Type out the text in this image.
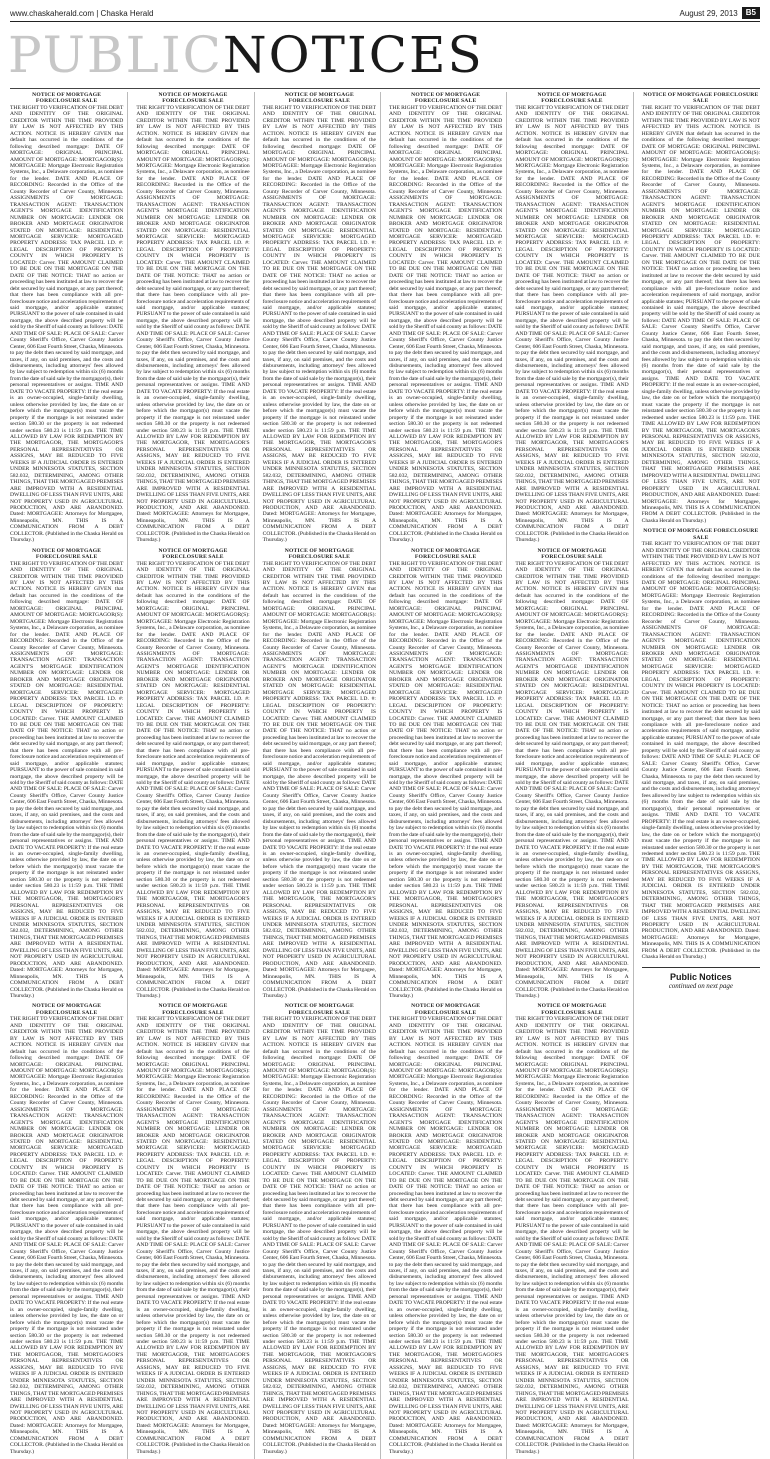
www.chaskaherald.com | Chaska Herald	August 29, 2013	B5
PUBLIC NOTICES
NOTICE OF MORTGAGE FORECLOSURE SALE
THE RIGHT TO VERIFICATION OF THE DEBT AND IDENTITY OF THE ORIGINAL CREDITOR WITHIN THE TIME PROVIDED BY LAW IS NOT AFFECTED BY THIS ACTION. NOTICE IS HEREBY GIVEN that default has occurred in the conditions of the following described mortgage: DATE OF MORTGAGE: ORIGINAL PRINCIPAL AMOUNT OF MORTGAGE: MORTGAGOR(S): MORTGAGEE: Mortgage Electronic Registration Systems, Inc., a Delaware corporation, as nominee for the lender. DATE AND PLACE OF RECORDING: Recorded in the Office of the County Recorder of Carver County, Minnesota. ASSIGNMENTS OF MORTGAGE: TRANSACTION AGENT: TRANSACTION AGENT'S MORTGAGE IDENTIFICATION NUMBER ON MORTGAGE: LENDER OR BROKER AND MORTGAGE ORIGINATOR STATED ON MORTGAGE: RESIDENTIAL MORTGAGE SERVICER: MORTGAGED PROPERTY ADDRESS: TAX PARCEL I.D. #: LEGAL DESCRIPTION OF PROPERTY: COUNTY IN WHICH PROPERTY IS LOCATED: Carver. THE AMOUNT CLAIMED TO BE DUE ON THE MORTGAGE ON THE DATE OF THE NOTICE: THAT no action or proceeding has been instituted at law to recover the debt secured by said mortgage, or any part thereof; that there has been compliance with all pre-foreclosure notice and acceleration requirements of said mortgage, and/or applicable statutes; PURSUANT to the power of sale contained in said mortgage, the above described property will be sold by the Sheriff of said county as follows: DATE AND TIME OF SALE: PLACE OF SALE: Carver County Sheriff's Office, Carver County Justice Center, 606 East Fourth Street, Chaska, Minnesota. to pay the debt then secured by said mortgage, and taxes, if any, on said premises, and the costs and disbursements, including attorneys' fees allowed by law subject to redemption within six (6) months from the date of said sale by the mortgagor(s), their personal representatives or assigns. TIME AND DATE TO VACATE PROPERTY: If the real estate is an owner-occupied, single-family dwelling, unless otherwise provided by law, the date on or before which the mortgagor(s) must vacate the property if the mortgage is not reinstated under section 580.30 or the property is not redeemed under section 580.23 is 11:59 p.m. THE TIME ALLOWED BY LAW FOR REDEMPTION BY THE MORTGAGOR, THE MORTGAGOR'S PERSONAL REPRESENTATIVES OR ASSIGNS, MAY BE REDUCED TO FIVE WEEKS IF A JUDICIAL ORDER IS ENTERED UNDER MINNESOTA STATUTES, SECTION 582.032, DETERMINING, AMONG OTHER THINGS, THAT THE MORTGAGED PREMISES ARE IMPROVED WITH A RESIDENTIAL DWELLING OF LESS THAN FIVE UNITS, ARE NOT PROPERTY USED IN AGRICULTURAL PRODUCTION, AND ARE ABANDONED. Dated: MORTGAGEE: Attorneys for Mortgagee, Minneapolis, MN. THIS IS A COMMUNICATION FROM A DEBT COLLECTOR. (Published in the Chaska Herald on Thursday.)
NOTICE OF MORTGAGE FORECLOSURE SALE
THE RIGHT TO VERIFICATION OF THE DEBT AND IDENTITY OF THE ORIGINAL CREDITOR WITHIN THE TIME PROVIDED BY LAW IS NOT AFFECTED BY THIS ACTION. NOTICE IS HEREBY GIVEN that default has occurred in the conditions of the following described mortgage: DATE OF MORTGAGE: ORIGINAL PRINCIPAL AMOUNT OF MORTGAGE: MORTGAGOR(S): MORTGAGEE: Mortgage Electronic Registration Systems, Inc., a Delaware corporation, as nominee for the lender. DATE AND PLACE OF RECORDING: Recorded in the Office of the County Recorder of Carver County, Minnesota. ASSIGNMENTS OF MORTGAGE: TRANSACTION AGENT: TRANSACTION AGENT'S MORTGAGE IDENTIFICATION NUMBER ON MORTGAGE: LENDER OR BROKER AND MORTGAGE ORIGINATOR STATED ON MORTGAGE: RESIDENTIAL MORTGAGE SERVICER: MORTGAGED PROPERTY ADDRESS: TAX PARCEL I.D. #: LEGAL DESCRIPTION OF PROPERTY: COUNTY IN WHICH PROPERTY IS LOCATED: Carver. THE AMOUNT CLAIMED TO BE DUE ON THE MORTGAGE ON THE DATE OF THE NOTICE: THAT no action or proceeding has been instituted at law to recover the debt secured by said mortgage, or any part thereof; that there has been compliance with all pre-foreclosure notice and acceleration requirements of said mortgage, and/or applicable statutes; PURSUANT to the power of sale contained in said mortgage, the above described property will be sold by the Sheriff of said county as follows: DATE AND TIME OF SALE: PLACE OF SALE: Carver County Sheriff's Office, Carver County Justice Center, 606 East Fourth Street, Chaska, Minnesota. to pay the debt then secured by said mortgage, and taxes, if any, on said premises, and the costs and disbursements, including attorneys' fees allowed by law subject to redemption within six (6) months from the date of said sale by the mortgagor(s), their personal representatives or assigns. TIME AND DATE TO VACATE PROPERTY: If the real estate is an owner-occupied, single-family dwelling, unless otherwise provided by law, the date on or before which the mortgagor(s) must vacate the property if the mortgage is not reinstated under section 580.30 or the property is not redeemed under section 580.23 is 11:59 p.m. THE TIME ALLOWED BY LAW FOR REDEMPTION BY THE MORTGAGOR, THE MORTGAGOR'S PERSONAL REPRESENTATIVES OR ASSIGNS, MAY BE REDUCED TO FIVE WEEKS IF A JUDICIAL ORDER IS ENTERED UNDER MINNESOTA STATUTES, SECTION 582.032, DETERMINING, AMONG OTHER THINGS, THAT THE MORTGAGED PREMISES ARE IMPROVED WITH A RESIDENTIAL DWELLING OF LESS THAN FIVE UNITS, ARE NOT PROPERTY USED IN AGRICULTURAL PRODUCTION, AND ARE ABANDONED. Dated: MORTGAGEE: Attorneys for Mortgagee, Minneapolis, MN. THIS IS A COMMUNICATION FROM A DEBT COLLECTOR. (Published in the Chaska Herald on Thursday.)
NOTICE OF MORTGAGE FORECLOSURE SALE
THE RIGHT TO VERIFICATION OF THE DEBT AND IDENTITY OF THE ORIGINAL CREDITOR WITHIN THE TIME PROVIDED BY LAW IS NOT AFFECTED BY THIS ACTION. NOTICE IS HEREBY GIVEN that default has occurred in the conditions of the following described mortgage: DATE OF MORTGAGE: ORIGINAL PRINCIPAL AMOUNT OF MORTGAGE: MORTGAGOR(S): MORTGAGEE: Mortgage Electronic Registration Systems, Inc., a Delaware corporation, as nominee for the lender. DATE AND PLACE OF RECORDING: Recorded in the Office of the County Recorder of Carver County, Minnesota. ASSIGNMENTS OF MORTGAGE: TRANSACTION AGENT: TRANSACTION AGENT'S MORTGAGE IDENTIFICATION NUMBER ON MORTGAGE: LENDER OR BROKER AND MORTGAGE ORIGINATOR STATED ON MORTGAGE: RESIDENTIAL MORTGAGE SERVICER: MORTGAGED PROPERTY ADDRESS: TAX PARCEL I.D. #: LEGAL DESCRIPTION OF PROPERTY: COUNTY IN WHICH PROPERTY IS LOCATED: Carver. THE AMOUNT CLAIMED TO BE DUE ON THE MORTGAGE ON THE DATE OF THE NOTICE: THAT no action or proceeding has been instituted at law to recover the debt secured by said mortgage, or any part thereof; that there has been compliance with all pre-foreclosure notice and acceleration requirements of said mortgage, and/or applicable statutes; PURSUANT to the power of sale contained in said mortgage, the above described property will be sold by the Sheriff of said county as follows: DATE AND TIME OF SALE: PLACE OF SALE: Carver County Sheriff's Office, Carver County Justice Center, 606 East Fourth Street, Chaska, Minnesota. to pay the debt then secured by said mortgage, and taxes, if any, on said premises, and the costs and disbursements, including attorneys' fees allowed by law subject to redemption within six (6) months from the date of said sale by the mortgagor(s), their personal representatives or assigns. TIME AND DATE TO VACATE PROPERTY: If the real estate is an owner-occupied, single-family dwelling, unless otherwise provided by law, the date on or before which the mortgagor(s) must vacate the property if the mortgage is not reinstated under section 580.30 or the property is not redeemed under section 580.23 is 11:59 p.m. THE TIME ALLOWED BY LAW FOR REDEMPTION BY THE MORTGAGOR, THE MORTGAGOR'S PERSONAL REPRESENTATIVES OR ASSIGNS, MAY BE REDUCED TO FIVE WEEKS IF A JUDICIAL ORDER IS ENTERED UNDER MINNESOTA STATUTES, SECTION 582.032, DETERMINING, AMONG OTHER THINGS, THAT THE MORTGAGED PREMISES ARE IMPROVED WITH A RESIDENTIAL DWELLING OF LESS THAN FIVE UNITS, ARE NOT PROPERTY USED IN AGRICULTURAL PRODUCTION, AND ARE ABANDONED. Dated: MORTGAGEE: Attorneys for Mortgagee, Minneapolis, MN. THIS IS A COMMUNICATION FROM A DEBT COLLECTOR. (Published in the Chaska Herald on Thursday.)
NOTICE OF MORTGAGE FORECLOSURE SALE
THE RIGHT TO VERIFICATION OF THE DEBT AND IDENTITY OF THE ORIGINAL CREDITOR WITHIN THE TIME PROVIDED BY LAW IS NOT AFFECTED BY THIS ACTION. NOTICE IS HEREBY GIVEN that default has occurred in the conditions of the following described mortgage: DATE OF MORTGAGE: ORIGINAL PRINCIPAL AMOUNT OF MORTGAGE: MORTGAGOR(S): MORTGAGEE: Mortgage Electronic Registration Systems, Inc., a Delaware corporation, as nominee for the lender. DATE AND PLACE OF RECORDING: Recorded in the Office of the County Recorder of Carver County, Minnesota. ASSIGNMENTS OF MORTGAGE: TRANSACTION AGENT: TRANSACTION AGENT'S MORTGAGE IDENTIFICATION NUMBER ON MORTGAGE: LENDER OR BROKER AND MORTGAGE ORIGINATOR STATED ON MORTGAGE: RESIDENTIAL MORTGAGE SERVICER: MORTGAGED PROPERTY ADDRESS: TAX PARCEL I.D. #: LEGAL DESCRIPTION OF PROPERTY: COUNTY IN WHICH PROPERTY IS LOCATED: Carver. THE AMOUNT CLAIMED TO BE DUE ON THE MORTGAGE ON THE DATE OF THE NOTICE: THAT no action or proceeding has been instituted at law to recover the debt secured by said mortgage, or any part thereof; that there has been compliance with all pre-foreclosure notice and acceleration requirements of said mortgage, and/or applicable statutes; PURSUANT to the power of sale contained in said mortgage, the above described property will be sold by the Sheriff of said county as follows: DATE AND TIME OF SALE: PLACE OF SALE: Carver County Sheriff's Office, Carver County Justice Center, 606 East Fourth Street, Chaska, Minnesota. to pay the debt then secured by said mortgage, and taxes, if any, on said premises, and the costs and disbursements, including attorneys' fees allowed by law subject to redemption within six (6) months from the date of said sale by the mortgagor(s), their personal representatives or assigns. TIME AND DATE TO VACATE PROPERTY: If the real estate is an owner-occupied, single-family dwelling, unless otherwise provided by law, the date on or before which the mortgagor(s) must vacate the property if the mortgage is not reinstated under section 580.30 or the property is not redeemed under section 580.23 is 11:59 p.m. THE TIME ALLOWED BY LAW FOR REDEMPTION BY THE MORTGAGOR, THE MORTGAGOR'S PERSONAL REPRESENTATIVES OR ASSIGNS, MAY BE REDUCED TO FIVE WEEKS IF A JUDICIAL ORDER IS ENTERED UNDER MINNESOTA STATUTES, SECTION 582.032, DETERMINING, AMONG OTHER THINGS, THAT THE MORTGAGED PREMISES ARE IMPROVED WITH A RESIDENTIAL DWELLING OF LESS THAN FIVE UNITS, ARE NOT PROPERTY USED IN AGRICULTURAL PRODUCTION, AND ARE ABANDONED. Dated: MORTGAGEE: Attorneys for Mortgagee, Minneapolis, MN. THIS IS A COMMUNICATION FROM A DEBT COLLECTOR. (Published in the Chaska Herald on Thursday.)
NOTICE OF MORTGAGE FORECLOSURE SALE
THE RIGHT TO VERIFICATION OF THE DEBT AND IDENTITY OF THE ORIGINAL CREDITOR WITHIN THE TIME PROVIDED BY LAW IS NOT AFFECTED BY THIS ACTION. NOTICE IS HEREBY GIVEN that default has occurred in the conditions of the following described mortgage: DATE OF MORTGAGE: ORIGINAL PRINCIPAL AMOUNT OF MORTGAGE: MORTGAGOR(S): MORTGAGEE: Mortgage Electronic Registration Systems, Inc., a Delaware corporation, as nominee for the lender. DATE AND PLACE OF RECORDING: Recorded in the Office of the County Recorder of Carver County, Minnesota. ASSIGNMENTS OF MORTGAGE: TRANSACTION AGENT: TRANSACTION AGENT'S MORTGAGE IDENTIFICATION NUMBER ON MORTGAGE: LENDER OR BROKER AND MORTGAGE ORIGINATOR STATED ON MORTGAGE: RESIDENTIAL MORTGAGE SERVICER: MORTGAGED PROPERTY ADDRESS: TAX PARCEL I.D. #: LEGAL DESCRIPTION OF PROPERTY: COUNTY IN WHICH PROPERTY IS LOCATED: Carver. THE AMOUNT CLAIMED TO BE DUE ON THE MORTGAGE ON THE DATE OF THE NOTICE: THAT no action or proceeding has been instituted at law to recover the debt secured by said mortgage, or any part thereof; that there has been compliance with all pre-foreclosure notice and acceleration requirements of said mortgage, and/or applicable statutes; PURSUANT to the power of sale contained in said mortgage, the above described property will be sold by the Sheriff of said county as follows: DATE AND TIME OF SALE: PLACE OF SALE: Carver County Sheriff's Office, Carver County Justice Center, 606 East Fourth Street, Chaska, Minnesota. to pay the debt then secured by said mortgage, and taxes, if any, on said premises, and the costs and disbursements, including attorneys' fees allowed by law subject to redemption within six (6) months from the date of said sale by the mortgagor(s), their personal representatives or assigns. TIME AND DATE TO VACATE PROPERTY: If the real estate is an owner-occupied, single-family dwelling, unless otherwise provided by law, the date on or before which the mortgagor(s) must vacate the property if the mortgage is not reinstated under section 580.30 or the property is not redeemed under section 580.23 is 11:59 p.m. THE TIME ALLOWED BY LAW FOR REDEMPTION BY THE MORTGAGOR, THE MORTGAGOR'S PERSONAL REPRESENTATIVES OR ASSIGNS, MAY BE REDUCED TO FIVE WEEKS IF A JUDICIAL ORDER IS ENTERED UNDER MINNESOTA STATUTES, SECTION 582.032, DETERMINING, AMONG OTHER THINGS, THAT THE MORTGAGED PREMISES ARE IMPROVED WITH A RESIDENTIAL DWELLING OF LESS THAN FIVE UNITS, ARE NOT PROPERTY USED IN AGRICULTURAL PRODUCTION, AND ARE ABANDONED. Dated: MORTGAGEE: Attorneys for Mortgagee, Minneapolis, MN. THIS IS A COMMUNICATION FROM A DEBT COLLECTOR. (Published in the Chaska Herald on Thursday.)
NOTICE OF MORTGAGE FORECLOSURE SALE
THE RIGHT TO VERIFICATION OF THE DEBT AND IDENTITY OF THE ORIGINAL CREDITOR WITHIN THE TIME PROVIDED BY LAW IS NOT AFFECTED BY THIS ACTION. NOTICE IS HEREBY GIVEN that default has occurred in the conditions of the following described mortgage: DATE OF MORTGAGE: ORIGINAL PRINCIPAL AMOUNT OF MORTGAGE: MORTGAGOR(S): MORTGAGEE: Mortgage Electronic Registration Systems, Inc., a Delaware corporation, as nominee for the lender. DATE AND PLACE OF RECORDING: Recorded in the Office of the County Recorder of Carver County, Minnesota. ASSIGNMENTS OF MORTGAGE: TRANSACTION AGENT: TRANSACTION AGENT'S MORTGAGE IDENTIFICATION NUMBER ON MORTGAGE: LENDER OR BROKER AND MORTGAGE ORIGINATOR STATED ON MORTGAGE: RESIDENTIAL MORTGAGE SERVICER: MORTGAGED PROPERTY ADDRESS: TAX PARCEL I.D. #: LEGAL DESCRIPTION OF PROPERTY: COUNTY IN WHICH PROPERTY IS LOCATED: Carver. THE AMOUNT CLAIMED TO BE DUE ON THE MORTGAGE ON THE DATE OF THE NOTICE: THAT no action or proceeding has been instituted at law to recover the debt secured by said mortgage, or any part thereof; that there has been compliance with all pre-foreclosure notice and acceleration requirements of said mortgage, and/or applicable statutes; PURSUANT to the power of sale contained in said mortgage, the above described property will be sold by the Sheriff of said county as follows: DATE AND TIME OF SALE: PLACE OF SALE: Carver County Sheriff's Office, Carver County Justice Center, 606 East Fourth Street, Chaska, Minnesota. to pay the debt then secured by said mortgage, and taxes, if any, on said premises, and the costs and disbursements, including attorneys' fees allowed by law subject to redemption within six (6) months from the date of said sale by the mortgagor(s), their personal representatives or assigns. TIME AND DATE TO VACATE PROPERTY: If the real estate is an owner-occupied, single-family dwelling, unless otherwise provided by law, the date on or before which the mortgagor(s) must vacate the property if the mortgage is not reinstated under section 580.30 or the property is not redeemed under section 580.23 is 11:59 p.m. THE TIME ALLOWED BY LAW FOR REDEMPTION BY THE MORTGAGOR, THE MORTGAGOR'S PERSONAL REPRESENTATIVES OR ASSIGNS, MAY BE REDUCED TO FIVE WEEKS IF A JUDICIAL ORDER IS ENTERED UNDER MINNESOTA STATUTES, SECTION 582.032, DETERMINING, AMONG OTHER THINGS, THAT THE MORTGAGED PREMISES ARE IMPROVED WITH A RESIDENTIAL DWELLING OF LESS THAN FIVE UNITS, ARE NOT PROPERTY USED IN AGRICULTURAL PRODUCTION, AND ARE ABANDONED. Dated: MORTGAGEE: Attorneys for Mortgagee, Minneapolis, MN. THIS IS A COMMUNICATION FROM A DEBT COLLECTOR. (Published in the Chaska Herald on Thursday.)
NOTICE OF MORTGAGE FORECLOSURE SALE
THE RIGHT TO VERIFICATION OF THE DEBT AND IDENTITY OF THE ORIGINAL CREDITOR WITHIN THE TIME PROVIDED BY LAW IS NOT AFFECTED BY THIS ACTION. NOTICE IS HEREBY GIVEN that default has occurred in the conditions of the following described mortgage: DATE OF MORTGAGE: ORIGINAL PRINCIPAL AMOUNT OF MORTGAGE: MORTGAGOR(S): MORTGAGEE: Mortgage Electronic Registration Systems, Inc., a Delaware corporation, as nominee for the lender. DATE AND PLACE OF RECORDING: Recorded in the Office of the County Recorder of Carver County, Minnesota. ASSIGNMENTS OF MORTGAGE: TRANSACTION AGENT: TRANSACTION AGENT'S MORTGAGE IDENTIFICATION NUMBER ON MORTGAGE: LENDER OR BROKER AND MORTGAGE ORIGINATOR STATED ON MORTGAGE: RESIDENTIAL MORTGAGE SERVICER: MORTGAGED PROPERTY ADDRESS: TAX PARCEL I.D. #: LEGAL DESCRIPTION OF PROPERTY: COUNTY IN WHICH PROPERTY IS LOCATED: Carver. THE AMOUNT CLAIMED TO BE DUE ON THE MORTGAGE ON THE DATE OF THE NOTICE: THAT no action or proceeding has been instituted at law to recover the debt secured by said mortgage, or any part thereof; that there has been compliance with all pre-foreclosure notice and acceleration requirements of said mortgage, and/or applicable statutes; PURSUANT to the power of sale contained in said mortgage, the above described property will be sold by the Sheriff of said county as follows: DATE AND TIME OF SALE: PLACE OF SALE: Carver County Sheriff's Office, Carver County Justice Center, 606 East Fourth Street, Chaska, Minnesota. to pay the debt then secured by said mortgage, and taxes, if any, on said premises, and the costs and disbursements, including attorneys' fees allowed by law subject to redemption within six (6) months from the date of said sale by the mortgagor(s), their personal representatives or assigns. TIME AND DATE TO VACATE PROPERTY: If the real estate is an owner-occupied, single-family dwelling, unless otherwise provided by law, the date on or before which the mortgagor(s) must vacate the property if the mortgage is not reinstated under section 580.30 or the property is not redeemed under section 580.23 is 11:59 p.m. THE TIME ALLOWED BY LAW FOR REDEMPTION BY THE MORTGAGOR, THE MORTGAGOR'S PERSONAL REPRESENTATIVES OR ASSIGNS, MAY BE REDUCED TO FIVE WEEKS IF A JUDICIAL ORDER IS ENTERED UNDER MINNESOTA STATUTES, SECTION 582.032, DETERMINING, AMONG OTHER THINGS, THAT THE MORTGAGED PREMISES ARE IMPROVED WITH A RESIDENTIAL DWELLING OF LESS THAN FIVE UNITS, ARE NOT PROPERTY USED IN AGRICULTURAL PRODUCTION, AND ARE ABANDONED. Dated: MORTGAGEE: Attorneys for Mortgagee, Minneapolis, MN. THIS IS A COMMUNICATION FROM A DEBT COLLECTOR. (Published in the Chaska Herald on Thursday.)
NOTICE OF MORTGAGE FORECLOSURE SALE
THE RIGHT TO VERIFICATION OF THE DEBT AND IDENTITY OF THE ORIGINAL CREDITOR WITHIN THE TIME PROVIDED BY LAW IS NOT AFFECTED BY THIS ACTION. NOTICE IS HEREBY GIVEN that default has occurred in the conditions of the following described mortgage: DATE OF MORTGAGE: ORIGINAL PRINCIPAL AMOUNT OF MORTGAGE: MORTGAGOR(S): MORTGAGEE: Mortgage Electronic Registration Systems, Inc., a Delaware corporation, as nominee for the lender. DATE AND PLACE OF RECORDING: Recorded in the Office of the County Recorder of Carver County, Minnesota. ASSIGNMENTS OF MORTGAGE: TRANSACTION AGENT: TRANSACTION AGENT'S MORTGAGE IDENTIFICATION NUMBER ON MORTGAGE: LENDER OR BROKER AND MORTGAGE ORIGINATOR STATED ON MORTGAGE: RESIDENTIAL MORTGAGE SERVICER: MORTGAGED PROPERTY ADDRESS: TAX PARCEL I.D. #: LEGAL DESCRIPTION OF PROPERTY: COUNTY IN WHICH PROPERTY IS LOCATED: Carver. THE AMOUNT CLAIMED TO BE DUE ON THE MORTGAGE ON THE DATE OF THE NOTICE: THAT no action or proceeding has been instituted at law to recover the debt secured by said mortgage, or any part thereof; that there has been compliance with all pre-foreclosure notice and acceleration requirements of said mortgage, and/or applicable statutes; PURSUANT to the power of sale contained in said mortgage, the above described property will be sold by the Sheriff of said county as follows: DATE AND TIME OF SALE: PLACE OF SALE: Carver County Sheriff's Office, Carver County Justice Center, 606 East Fourth Street, Chaska, Minnesota. to pay the debt then secured by said mortgage, and taxes, if any, on said premises, and the costs and disbursements, including attorneys' fees allowed by law subject to redemption within six (6) months from the date of said sale by the mortgagor(s), their personal representatives or assigns. TIME AND DATE TO VACATE PROPERTY: If the real estate is an owner-occupied, single-family dwelling, unless otherwise provided by law, the date on or before which the mortgagor(s) must vacate the property if the mortgage is not reinstated under section 580.30 or the property is not redeemed under section 580.23 is 11:59 p.m. THE TIME ALLOWED BY LAW FOR REDEMPTION BY THE MORTGAGOR, THE MORTGAGOR'S PERSONAL REPRESENTATIVES OR ASSIGNS, MAY BE REDUCED TO FIVE WEEKS IF A JUDICIAL ORDER IS ENTERED UNDER MINNESOTA STATUTES, SECTION 582.032, DETERMINING, AMONG OTHER THINGS, THAT THE MORTGAGED PREMISES ARE IMPROVED WITH A RESIDENTIAL DWELLING OF LESS THAN FIVE UNITS, ARE NOT PROPERTY USED IN AGRICULTURAL PRODUCTION, AND ARE ABANDONED. Dated: MORTGAGEE: Attorneys for Mortgagee, Minneapolis, MN. THIS IS A COMMUNICATION FROM A DEBT COLLECTOR. (Published in the Chaska Herald on Thursday.)
NOTICE OF MORTGAGE FORECLOSURE SALE
THE RIGHT TO VERIFICATION OF THE DEBT AND IDENTITY OF THE ORIGINAL CREDITOR WITHIN THE TIME PROVIDED BY LAW IS NOT AFFECTED BY THIS ACTION. NOTICE IS HEREBY GIVEN that default has occurred in the conditions of the following described mortgage: DATE OF MORTGAGE: ORIGINAL PRINCIPAL AMOUNT OF MORTGAGE: MORTGAGOR(S): MORTGAGEE: Mortgage Electronic Registration Systems, Inc., a Delaware corporation, as nominee for the lender. DATE AND PLACE OF RECORDING: Recorded in the Office of the County Recorder of Carver County, Minnesota. ASSIGNMENTS OF MORTGAGE: TRANSACTION AGENT: TRANSACTION AGENT'S MORTGAGE IDENTIFICATION NUMBER ON MORTGAGE: LENDER OR BROKER AND MORTGAGE ORIGINATOR STATED ON MORTGAGE: RESIDENTIAL MORTGAGE SERVICER: MORTGAGED PROPERTY ADDRESS: TAX PARCEL I.D. #: LEGAL DESCRIPTION OF PROPERTY: COUNTY IN WHICH PROPERTY IS LOCATED: Carver. THE AMOUNT CLAIMED TO BE DUE ON THE MORTGAGE ON THE DATE OF THE NOTICE: THAT no action or proceeding has been instituted at law to recover the debt secured by said mortgage, or any part thereof; that there has been compliance with all pre-foreclosure notice and acceleration requirements of said mortgage, and/or applicable statutes; PURSUANT to the power of sale contained in said mortgage, the above described property will be sold by the Sheriff of said county as follows: DATE AND TIME OF SALE: PLACE OF SALE: Carver County Sheriff's Office, Carver County Justice Center, 606 East Fourth Street, Chaska, Minnesota. to pay the debt then secured by said mortgage, and taxes, if any, on said premises, and the costs and disbursements, including attorneys' fees allowed by law subject to redemption within six (6) months from the date of said sale by the mortgagor(s), their personal representatives or assigns. TIME AND DATE TO VACATE PROPERTY: If the real estate is an owner-occupied, single-family dwelling, unless otherwise provided by law, the date on or before which the mortgagor(s) must vacate the property if the mortgage is not reinstated under section 580.30 or the property is not redeemed under section 580.23 is 11:59 p.m. THE TIME ALLOWED BY LAW FOR REDEMPTION BY THE MORTGAGOR, THE MORTGAGOR'S PERSONAL REPRESENTATIVES OR ASSIGNS, MAY BE REDUCED TO FIVE WEEKS IF A JUDICIAL ORDER IS ENTERED UNDER MINNESOTA STATUTES, SECTION 582.032, DETERMINING, AMONG OTHER THINGS, THAT THE MORTGAGED PREMISES ARE IMPROVED WITH A RESIDENTIAL DWELLING OF LESS THAN FIVE UNITS, ARE NOT PROPERTY USED IN AGRICULTURAL PRODUCTION, AND ARE ABANDONED. Dated: MORTGAGEE: Attorneys for Mortgagee, Minneapolis, MN. THIS IS A COMMUNICATION FROM A DEBT COLLECTOR. (Published in the Chaska Herald on Thursday.)
NOTICE OF MORTGAGE FORECLOSURE SALE
THE RIGHT TO VERIFICATION OF THE DEBT AND IDENTITY OF THE ORIGINAL CREDITOR WITHIN THE TIME PROVIDED BY LAW IS NOT AFFECTED BY THIS ACTION. NOTICE IS HEREBY GIVEN that default has occurred in the conditions of the following described mortgage: DATE OF MORTGAGE: ORIGINAL PRINCIPAL AMOUNT OF MORTGAGE: MORTGAGOR(S): MORTGAGEE: Mortgage Electronic Registration Systems, Inc., a Delaware corporation, as nominee for the lender. DATE AND PLACE OF RECORDING: Recorded in the Office of the County Recorder of Carver County, Minnesota. ASSIGNMENTS OF MORTGAGE: TRANSACTION AGENT: TRANSACTION AGENT'S MORTGAGE IDENTIFICATION NUMBER ON MORTGAGE: LENDER OR BROKER AND MORTGAGE ORIGINATOR STATED ON MORTGAGE: RESIDENTIAL MORTGAGE SERVICER: MORTGAGED PROPERTY ADDRESS: TAX PARCEL I.D. #: LEGAL DESCRIPTION OF PROPERTY: COUNTY IN WHICH PROPERTY IS LOCATED: Carver. THE AMOUNT CLAIMED TO BE DUE ON THE MORTGAGE ON THE DATE OF THE NOTICE: THAT no action or proceeding has been instituted at law to recover the debt secured by said mortgage, or any part thereof; that there has been compliance with all pre-foreclosure notice and acceleration requirements of said mortgage, and/or applicable statutes; PURSUANT to the power of sale contained in said mortgage, the above described property will be sold by the Sheriff of said county as follows: DATE AND TIME OF SALE: PLACE OF SALE: Carver County Sheriff's Office, Carver County Justice Center, 606 East Fourth Street, Chaska, Minnesota. to pay the debt then secured by said mortgage, and taxes, if any, on said premises, and the costs and disbursements, including attorneys' fees allowed by law subject to redemption within six (6) months from the date of said sale by the mortgagor(s), their personal representatives or assigns. TIME AND DATE TO VACATE PROPERTY: If the real estate is an owner-occupied, single-family dwelling, unless otherwise provided by law, the date on or before which the mortgagor(s) must vacate the property if the mortgage is not reinstated under section 580.30 or the property is not redeemed under section 580.23 is 11:59 p.m. THE TIME ALLOWED BY LAW FOR REDEMPTION BY THE MORTGAGOR, THE MORTGAGOR'S PERSONAL REPRESENTATIVES OR ASSIGNS, MAY BE REDUCED TO FIVE WEEKS IF A JUDICIAL ORDER IS ENTERED UNDER MINNESOTA STATUTES, SECTION 582.032, DETERMINING, AMONG OTHER THINGS, THAT THE MORTGAGED PREMISES ARE IMPROVED WITH A RESIDENTIAL DWELLING OF LESS THAN FIVE UNITS, ARE NOT PROPERTY USED IN AGRICULTURAL PRODUCTION, AND ARE ABANDONED. Dated: MORTGAGEE: Attorneys for Mortgagee, Minneapolis, MN. THIS IS A COMMUNICATION FROM A DEBT COLLECTOR. (Published in the Chaska Herald on Thursday.)
NOTICE OF MORTGAGE FORECLOSURE SALE
THE RIGHT TO VERIFICATION OF THE DEBT AND IDENTITY OF THE ORIGINAL CREDITOR WITHIN THE TIME PROVIDED BY LAW IS NOT AFFECTED BY THIS ACTION. NOTICE IS HEREBY GIVEN that default has occurred in the conditions of the following described mortgage: DATE OF MORTGAGE: ORIGINAL PRINCIPAL AMOUNT OF MORTGAGE: MORTGAGOR(S): MORTGAGEE: Mortgage Electronic Registration Systems, Inc., a Delaware corporation, as nominee for the lender. DATE AND PLACE OF RECORDING: Recorded in the Office of the County Recorder of Carver County, Minnesota. ASSIGNMENTS OF MORTGAGE: TRANSACTION AGENT: TRANSACTION AGENT'S MORTGAGE IDENTIFICATION NUMBER ON MORTGAGE: LENDER OR BROKER AND MORTGAGE ORIGINATOR STATED ON MORTGAGE: RESIDENTIAL MORTGAGE SERVICER: MORTGAGED PROPERTY ADDRESS: TAX PARCEL I.D. #: LEGAL DESCRIPTION OF PROPERTY: COUNTY IN WHICH PROPERTY IS LOCATED: Carver. THE AMOUNT CLAIMED TO BE DUE ON THE MORTGAGE ON THE DATE OF THE NOTICE: THAT no action or proceeding has been instituted at law to recover the debt secured by said mortgage, or any part thereof; that there has been compliance with all pre-foreclosure notice and acceleration requirements of said mortgage, and/or applicable statutes; PURSUANT to the power of sale contained in said mortgage, the above described property will be sold by the Sheriff of said county as follows: DATE AND TIME OF SALE: PLACE OF SALE: Carver County Sheriff's Office, Carver County Justice Center, 606 East Fourth Street, Chaska, Minnesota. to pay the debt then secured by said mortgage, and taxes, if any, on said premises, and the costs and disbursements, including attorneys' fees allowed by law subject to redemption within six (6) months from the date of said sale by the mortgagor(s), their personal representatives or assigns. TIME AND DATE TO VACATE PROPERTY: If the real estate is an owner-occupied, single-family dwelling, unless otherwise provided by law, the date on or before which the mortgagor(s) must vacate the property if the mortgage is not reinstated under section 580.30 or the property is not redeemed under section 580.23 is 11:59 p.m. THE TIME ALLOWED BY LAW FOR REDEMPTION BY THE MORTGAGOR, THE MORTGAGOR'S PERSONAL REPRESENTATIVES OR ASSIGNS, MAY BE REDUCED TO FIVE WEEKS IF A JUDICIAL ORDER IS ENTERED UNDER MINNESOTA STATUTES, SECTION 582.032, DETERMINING, AMONG OTHER THINGS, THAT THE MORTGAGED PREMISES ARE IMPROVED WITH A RESIDENTIAL DWELLING OF LESS THAN FIVE UNITS, ARE NOT PROPERTY USED IN AGRICULTURAL PRODUCTION, AND ARE ABANDONED. Dated: MORTGAGEE: Attorneys for Mortgagee, Minneapolis, MN. THIS IS A COMMUNICATION FROM A DEBT COLLECTOR. (Published in the Chaska Herald on Thursday.)
NOTICE OF MORTGAGE FORECLOSURE SALE
THE RIGHT TO VERIFICATION OF THE DEBT AND IDENTITY OF THE ORIGINAL CREDITOR WITHIN THE TIME PROVIDED BY LAW IS NOT AFFECTED BY THIS ACTION. NOTICE IS HEREBY GIVEN that default has occurred in the conditions of the following described mortgage: DATE OF MORTGAGE: ORIGINAL PRINCIPAL AMOUNT OF MORTGAGE: MORTGAGOR(S): MORTGAGEE: Mortgage Electronic Registration Systems, Inc., a Delaware corporation, as nominee for the lender. DATE AND PLACE OF RECORDING: Recorded in the Office of the County Recorder of Carver County, Minnesota. ASSIGNMENTS OF MORTGAGE: TRANSACTION AGENT: TRANSACTION AGENT'S MORTGAGE IDENTIFICATION NUMBER ON MORTGAGE: LENDER OR BROKER AND MORTGAGE ORIGINATOR STATED ON MORTGAGE: RESIDENTIAL MORTGAGE SERVICER: MORTGAGED PROPERTY ADDRESS: TAX PARCEL I.D. #: LEGAL DESCRIPTION OF PROPERTY: COUNTY IN WHICH PROPERTY IS LOCATED: Carver. THE AMOUNT CLAIMED TO BE DUE ON THE MORTGAGE ON THE DATE OF THE NOTICE: THAT no action or proceeding has been instituted at law to recover the debt secured by said mortgage, or any part thereof; that there has been compliance with all pre-foreclosure notice and acceleration requirements of said mortgage, and/or applicable statutes; PURSUANT to the power of sale contained in said mortgage, the above described property will be sold by the Sheriff of said county as follows: DATE AND TIME OF SALE: PLACE OF SALE: Carver County Sheriff's Office, Carver County Justice Center, 606 East Fourth Street, Chaska, Minnesota. to pay the debt then secured by said mortgage, and taxes, if any, on said premises, and the costs and disbursements, including attorneys' fees allowed by law subject to redemption within six (6) months from the date of said sale by the mortgagor(s), their personal representatives or assigns. TIME AND DATE TO VACATE PROPERTY: If the real estate is an owner-occupied, single-family dwelling, unless otherwise provided by law, the date on or before which the mortgagor(s) must vacate the property if the mortgage is not reinstated under section 580.30 or the property is not redeemed under section 580.23 is 11:59 p.m. THE TIME ALLOWED BY LAW FOR REDEMPTION BY THE MORTGAGOR, THE MORTGAGOR'S PERSONAL REPRESENTATIVES OR ASSIGNS, MAY BE REDUCED TO FIVE WEEKS IF A JUDICIAL ORDER IS ENTERED UNDER MINNESOTA STATUTES, SECTION 582.032, DETERMINING, AMONG OTHER THINGS, THAT THE MORTGAGED PREMISES ARE IMPROVED WITH A RESIDENTIAL DWELLING OF LESS THAN FIVE UNITS, ARE NOT PROPERTY USED IN AGRICULTURAL PRODUCTION, AND ARE ABANDONED. Dated: MORTGAGEE: Attorneys for Mortgagee, Minneapolis, MN. THIS IS A COMMUNICATION FROM A DEBT COLLECTOR. (Published in the Chaska Herald on Thursday.)
NOTICE OF MORTGAGE FORECLOSURE SALE
THE RIGHT TO VERIFICATION OF THE DEBT AND IDENTITY OF THE ORIGINAL CREDITOR WITHIN THE TIME PROVIDED BY LAW IS NOT AFFECTED BY THIS ACTION. NOTICE IS HEREBY GIVEN that default has occurred in the conditions of the following described mortgage: DATE OF MORTGAGE: ORIGINAL PRINCIPAL AMOUNT OF MORTGAGE: MORTGAGOR(S): MORTGAGEE: Mortgage Electronic Registration Systems, Inc., a Delaware corporation, as nominee for the lender. DATE AND PLACE OF RECORDING: Recorded in the Office of the County Recorder of Carver County, Minnesota. ASSIGNMENTS OF MORTGAGE: TRANSACTION AGENT: TRANSACTION AGENT'S MORTGAGE IDENTIFICATION NUMBER ON MORTGAGE: LENDER OR BROKER AND MORTGAGE ORIGINATOR STATED ON MORTGAGE: RESIDENTIAL MORTGAGE SERVICER: MORTGAGED PROPERTY ADDRESS: TAX PARCEL I.D. #: LEGAL DESCRIPTION OF PROPERTY: COUNTY IN WHICH PROPERTY IS LOCATED: Carver. THE AMOUNT CLAIMED TO BE DUE ON THE MORTGAGE ON THE DATE OF THE NOTICE: THAT no action or proceeding has been instituted at law to recover the debt secured by said mortgage, or any part thereof; that there has been compliance with all pre-foreclosure notice and acceleration requirements of said mortgage, and/or applicable statutes; PURSUANT to the power of sale contained in said mortgage, the above described property will be sold by the Sheriff of said county as follows: DATE AND TIME OF SALE: PLACE OF SALE: Carver County Sheriff's Office, Carver County Justice Center, 606 East Fourth Street, Chaska, Minnesota. to pay the debt then secured by said mortgage, and taxes, if any, on said premises, and the costs and disbursements, including attorneys' fees allowed by law subject to redemption within six (6) months from the date of said sale by the mortgagor(s), their personal representatives or assigns. TIME AND DATE TO VACATE PROPERTY: If the real estate is an owner-occupied, single-family dwelling, unless otherwise provided by law, the date on or before which the mortgagor(s) must vacate the property if the mortgage is not reinstated under section 580.30 or the property is not redeemed under section 580.23 is 11:59 p.m. THE TIME ALLOWED BY LAW FOR REDEMPTION BY THE MORTGAGOR, THE MORTGAGOR'S PERSONAL REPRESENTATIVES OR ASSIGNS, MAY BE REDUCED TO FIVE WEEKS IF A JUDICIAL ORDER IS ENTERED UNDER MINNESOTA STATUTES, SECTION 582.032, DETERMINING, AMONG OTHER THINGS, THAT THE MORTGAGED PREMISES ARE IMPROVED WITH A RESIDENTIAL DWELLING OF LESS THAN FIVE UNITS, ARE NOT PROPERTY USED IN AGRICULTURAL PRODUCTION, AND ARE ABANDONED. Dated: MORTGAGEE: Attorneys for Mortgagee, Minneapolis, MN. THIS IS A COMMUNICATION FROM A DEBT COLLECTOR. (Published in the Chaska Herald on Thursday.)
NOTICE OF MORTGAGE FORECLOSURE SALE
THE RIGHT TO VERIFICATION OF THE DEBT AND IDENTITY OF THE ORIGINAL CREDITOR WITHIN THE TIME PROVIDED BY LAW IS NOT AFFECTED BY THIS ACTION. NOTICE IS HEREBY GIVEN that default has occurred in the conditions of the following described mortgage: DATE OF MORTGAGE: ORIGINAL PRINCIPAL AMOUNT OF MORTGAGE: MORTGAGOR(S): MORTGAGEE: Mortgage Electronic Registration Systems, Inc., a Delaware corporation, as nominee for the lender. DATE AND PLACE OF RECORDING: Recorded in the Office of the County Recorder of Carver County, Minnesota. ASSIGNMENTS OF MORTGAGE: TRANSACTION AGENT: TRANSACTION AGENT'S MORTGAGE IDENTIFICATION NUMBER ON MORTGAGE: LENDER OR BROKER AND MORTGAGE ORIGINATOR STATED ON MORTGAGE: RESIDENTIAL MORTGAGE SERVICER: MORTGAGED PROPERTY ADDRESS: TAX PARCEL I.D. #: LEGAL DESCRIPTION OF PROPERTY: COUNTY IN WHICH PROPERTY IS LOCATED: Carver. THE AMOUNT CLAIMED TO BE DUE ON THE MORTGAGE ON THE DATE OF THE NOTICE: THAT no action or proceeding has been instituted at law to recover the debt secured by said mortgage, or any part thereof; that there has been compliance with all pre-foreclosure notice and acceleration requirements of said mortgage, and/or applicable statutes; PURSUANT to the power of sale contained in said mortgage, the above described property will be sold by the Sheriff of said county as follows: DATE AND TIME OF SALE: PLACE OF SALE: Carver County Sheriff's Office, Carver County Justice Center, 606 East Fourth Street, Chaska, Minnesota. to pay the debt then secured by said mortgage, and taxes, if any, on said premises, and the costs and disbursements, including attorneys' fees allowed by law subject to redemption within six (6) months from the date of said sale by the mortgagor(s), their personal representatives or assigns. TIME AND DATE TO VACATE PROPERTY: If the real estate is an owner-occupied, single-family dwelling, unless otherwise provided by law, the date on or before which the mortgagor(s) must vacate the property if the mortgage is not reinstated under section 580.30 or the property is not redeemed under section 580.23 is 11:59 p.m. THE TIME ALLOWED BY LAW FOR REDEMPTION BY THE MORTGAGOR, THE MORTGAGOR'S PERSONAL REPRESENTATIVES OR ASSIGNS, MAY BE REDUCED TO FIVE WEEKS IF A JUDICIAL ORDER IS ENTERED UNDER MINNESOTA STATUTES, SECTION 582.032, DETERMINING, AMONG OTHER THINGS, THAT THE MORTGAGED PREMISES ARE IMPROVED WITH A RESIDENTIAL DWELLING OF LESS THAN FIVE UNITS, ARE NOT PROPERTY USED IN AGRICULTURAL PRODUCTION, AND ARE ABANDONED. Dated: MORTGAGEE: Attorneys for Mortgagee, Minneapolis, MN. THIS IS A COMMUNICATION FROM A DEBT COLLECTOR. (Published in the Chaska Herald on Thursday.)
NOTICE OF MORTGAGE FORECLOSURE SALE
THE RIGHT TO VERIFICATION OF THE DEBT AND IDENTITY OF THE ORIGINAL CREDITOR WITHIN THE TIME PROVIDED BY LAW IS NOT AFFECTED BY THIS ACTION. NOTICE IS HEREBY GIVEN that default has occurred in the conditions of the following described mortgage: DATE OF MORTGAGE: ORIGINAL PRINCIPAL AMOUNT OF MORTGAGE: MORTGAGOR(S): MORTGAGEE: Mortgage Electronic Registration Systems, Inc., a Delaware corporation, as nominee for the lender. DATE AND PLACE OF RECORDING: Recorded in the Office of the County Recorder of Carver County, Minnesota. ASSIGNMENTS OF MORTGAGE: TRANSACTION AGENT: TRANSACTION AGENT'S MORTGAGE IDENTIFICATION NUMBER ON MORTGAGE: LENDER OR BROKER AND MORTGAGE ORIGINATOR STATED ON MORTGAGE: RESIDENTIAL MORTGAGE SERVICER: MORTGAGED PROPERTY ADDRESS: TAX PARCEL I.D. #: LEGAL DESCRIPTION OF PROPERTY: COUNTY IN WHICH PROPERTY IS LOCATED: Carver. THE AMOUNT CLAIMED TO BE DUE ON THE MORTGAGE ON THE DATE OF THE NOTICE: THAT no action or proceeding has been instituted at law to recover the debt secured by said mortgage, or any part thereof; that there has been compliance with all pre-foreclosure notice and acceleration requirements of said mortgage, and/or applicable statutes; PURSUANT to the power of sale contained in said mortgage, the above described property will be sold by the Sheriff of said county as follows: DATE AND TIME OF SALE: PLACE OF SALE: Carver County Sheriff's Office, Carver County Justice Center, 606 East Fourth Street, Chaska, Minnesota. to pay the debt then secured by said mortgage, and taxes, if any, on said premises, and the costs and disbursements, including attorneys' fees allowed by law subject to redemption within six (6) months from the date of said sale by the mortgagor(s), their personal representatives or assigns. TIME AND DATE TO VACATE PROPERTY: If the real estate is an owner-occupied, single-family dwelling, unless otherwise provided by law, the date on or before which the mortgagor(s) must vacate the property if the mortgage is not reinstated under section 580.30 or the property is not redeemed under section 580.23 is 11:59 p.m. THE TIME ALLOWED BY LAW FOR REDEMPTION BY THE MORTGAGOR, THE MORTGAGOR'S PERSONAL REPRESENTATIVES OR ASSIGNS, MAY BE REDUCED TO FIVE WEEKS IF A JUDICIAL ORDER IS ENTERED UNDER MINNESOTA STATUTES, SECTION 582.032, DETERMINING, AMONG OTHER THINGS, THAT THE MORTGAGED PREMISES ARE IMPROVED WITH A RESIDENTIAL DWELLING OF LESS THAN FIVE UNITS, ARE NOT PROPERTY USED IN AGRICULTURAL PRODUCTION, AND ARE ABANDONED. Dated: MORTGAGEE: Attorneys for Mortgagee, Minneapolis, MN. THIS IS A COMMUNICATION FROM A DEBT COLLECTOR. (Published in the Chaska Herald on Thursday.)
NOTICE OF MORTGAGE FORECLOSURE SALE
THE RIGHT TO VERIFICATION OF THE DEBT AND IDENTITY OF THE ORIGINAL CREDITOR WITHIN THE TIME PROVIDED BY LAW IS NOT AFFECTED BY THIS ACTION. NOTICE IS HEREBY GIVEN that default has occurred in the conditions of the following described mortgage: DATE OF MORTGAGE: ORIGINAL PRINCIPAL AMOUNT OF MORTGAGE: MORTGAGOR(S): MORTGAGEE: Mortgage Electronic Registration Systems, Inc., a Delaware corporation, as nominee for the lender. DATE AND PLACE OF RECORDING: Recorded in the Office of the County Recorder of Carver County, Minnesota. ASSIGNMENTS OF MORTGAGE: TRANSACTION AGENT: TRANSACTION AGENT'S MORTGAGE IDENTIFICATION NUMBER ON MORTGAGE: LENDER OR BROKER AND MORTGAGE ORIGINATOR STATED ON MORTGAGE: RESIDENTIAL MORTGAGE SERVICER: MORTGAGED PROPERTY ADDRESS: TAX PARCEL I.D. #: LEGAL DESCRIPTION OF PROPERTY: COUNTY IN WHICH PROPERTY IS LOCATED: Carver. THE AMOUNT CLAIMED TO BE DUE ON THE MORTGAGE ON THE DATE OF THE NOTICE: THAT no action or proceeding has been instituted at law to recover the debt secured by said mortgage, or any part thereof; that there has been compliance with all pre-foreclosure notice and acceleration requirements of said mortgage, and/or applicable statutes; PURSUANT to the power of sale contained in said mortgage, the above described property will be sold by the Sheriff of said county as follows: DATE AND TIME OF SALE: PLACE OF SALE: Carver County Sheriff's Office, Carver County Justice Center, 606 East Fourth Street, Chaska, Minnesota. to pay the debt then secured by said mortgage, and taxes, if any, on said premises, and the costs and disbursements, including attorneys' fees allowed by law subject to redemption within six (6) months from the date of said sale by the mortgagor(s), their personal representatives or assigns. TIME AND DATE TO VACATE PROPERTY: If the real estate is an owner-occupied, single-family dwelling, unless otherwise provided by law, the date on or before which the mortgagor(s) must vacate the property if the mortgage is not reinstated under section 580.30 or the property is not redeemed under section 580.23 is 11:59 p.m. THE TIME ALLOWED BY LAW FOR REDEMPTION BY THE MORTGAGOR, THE MORTGAGOR'S PERSONAL REPRESENTATIVES OR ASSIGNS, MAY BE REDUCED TO FIVE WEEKS IF A JUDICIAL ORDER IS ENTERED UNDER MINNESOTA STATUTES, SECTION 582.032, DETERMINING, AMONG OTHER THINGS, THAT THE MORTGAGED PREMISES ARE IMPROVED WITH A RESIDENTIAL DWELLING OF LESS THAN FIVE UNITS, ARE NOT PROPERTY USED IN AGRICULTURAL PRODUCTION, AND ARE ABANDONED. Dated: MORTGAGEE: Attorneys for Mortgagee, Minneapolis, MN. THIS IS A COMMUNICATION FROM A DEBT COLLECTOR. (Published in the Chaska Herald on Thursday.)
NOTICE OF MORTGAGE FORECLOSURE SALE
THE RIGHT TO VERIFICATION OF THE DEBT AND IDENTITY OF THE ORIGINAL CREDITOR WITHIN THE TIME PROVIDED BY LAW IS NOT AFFECTED BY THIS ACTION. NOTICE IS HEREBY GIVEN that default has occurred in the conditions of the following described mortgage: DATE OF MORTGAGE: ORIGINAL PRINCIPAL AMOUNT OF MORTGAGE: MORTGAGOR(S): MORTGAGEE: Mortgage Electronic Registration Systems, Inc., a Delaware corporation, as nominee for the lender. DATE AND PLACE OF RECORDING: Recorded in the Office of the County Recorder of Carver County, Minnesota. ASSIGNMENTS OF MORTGAGE: TRANSACTION AGENT: TRANSACTION AGENT'S MORTGAGE IDENTIFICATION NUMBER ON MORTGAGE: LENDER OR BROKER AND MORTGAGE ORIGINATOR STATED ON MORTGAGE: RESIDENTIAL MORTGAGE SERVICER: MORTGAGED PROPERTY ADDRESS: TAX PARCEL I.D. #: LEGAL DESCRIPTION OF PROPERTY: COUNTY IN WHICH PROPERTY IS LOCATED: Carver. THE AMOUNT CLAIMED TO BE DUE ON THE MORTGAGE ON THE DATE OF THE NOTICE: THAT no action or proceeding has been instituted at law to recover the debt secured by said mortgage, or any part thereof; that there has been compliance with all pre-foreclosure notice and acceleration requirements of said mortgage, and/or applicable statutes; PURSUANT to the power of sale contained in said mortgage, the above described property will be sold by the Sheriff of said county as follows: DATE AND TIME OF SALE: PLACE OF SALE: Carver County Sheriff's Office, Carver County Justice Center, 606 East Fourth Street, Chaska, Minnesota. to pay the debt then secured by said mortgage, and taxes, if any, on said premises, and the costs and disbursements, including attorneys' fees allowed by law subject to redemption within six (6) months from the date of said sale by the mortgagor(s), their personal representatives or assigns. TIME AND DATE TO VACATE PROPERTY: If the real estate is an owner-occupied, single-family dwelling, unless otherwise provided by law, the date on or before which the mortgagor(s) must vacate the property if the mortgage is not reinstated under section 580.30 or the property is not redeemed under section 580.23 is 11:59 p.m. THE TIME ALLOWED BY LAW FOR REDEMPTION BY THE MORTGAGOR, THE MORTGAGOR'S PERSONAL REPRESENTATIVES OR ASSIGNS, MAY BE REDUCED TO FIVE WEEKS IF A JUDICIAL ORDER IS ENTERED UNDER MINNESOTA STATUTES, SECTION 582.032, DETERMINING, AMONG OTHER THINGS, THAT THE MORTGAGED PREMISES ARE IMPROVED WITH A RESIDENTIAL DWELLING OF LESS THAN FIVE UNITS, ARE NOT PROPERTY USED IN AGRICULTURAL PRODUCTION, AND ARE ABANDONED. Dated: MORTGAGEE: Attorneys for Mortgagee, Minneapolis, MN. THIS IS A COMMUNICATION FROM A DEBT COLLECTOR. (Published in the Chaska Herald on Thursday.)
Public Notices
continued on next page
